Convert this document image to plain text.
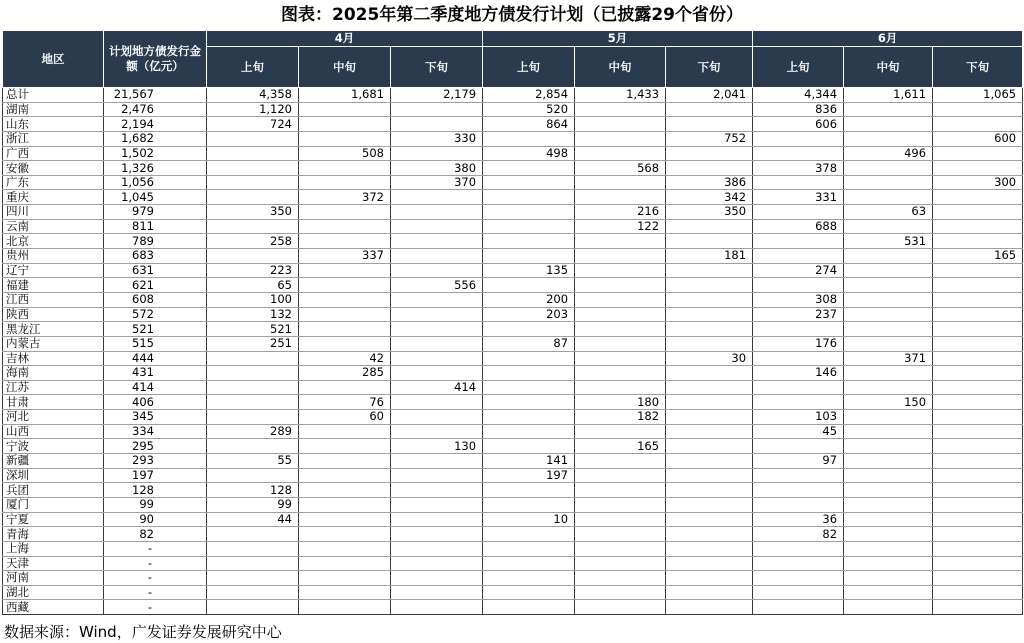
图表：2025年第二季度地方债发行计划（已披露29个省份）
地区	计划地方债发行金额（亿元）	4月			5月			6月		
		上旬	中旬	下旬	上旬	中旬	下旬	上旬	中旬	下旬
总计	21,567	4,358	1,681	2,179	2,854	1,433	2,041	4,344	1,611	1,065
湖南	2,476	1,120			520			836		
山东	2,194	724			864			606		
浙江	1,682			330			752			600
广西	1,502		508		498				496	
安徽	1,326			380		568		378		
广东	1,056			370			386			300
重庆	1,045		372				342	331		
四川	979	350				216	350		63	
云南	811					122		688		
北京	789	258							531	
贵州	683		337				181			165
辽宁	631	223			135			274		
福建	621	65		556						
江西	608	100			200			308		
陕西	572	132			203			237		
黑龙江	521	521								
内蒙古	515	251			87			176		
吉林	444		42				30		371	
海南	431		285					146		
江苏	414			414						
甘肃	406		76			180			150	
河北	345		60			182		103		
山西	334	289						45		
宁波	295			130		165				
新疆	293	55			141			97		
深圳	197				197					
兵团	128	128								
厦门	99	99								
宁夏	90	44			10			36		
青海	82							82		
上海	-									
天津	-									
河南	-									
湖北	-									
西藏	-									
数据来源：Wind，广发证券发展研究中心
